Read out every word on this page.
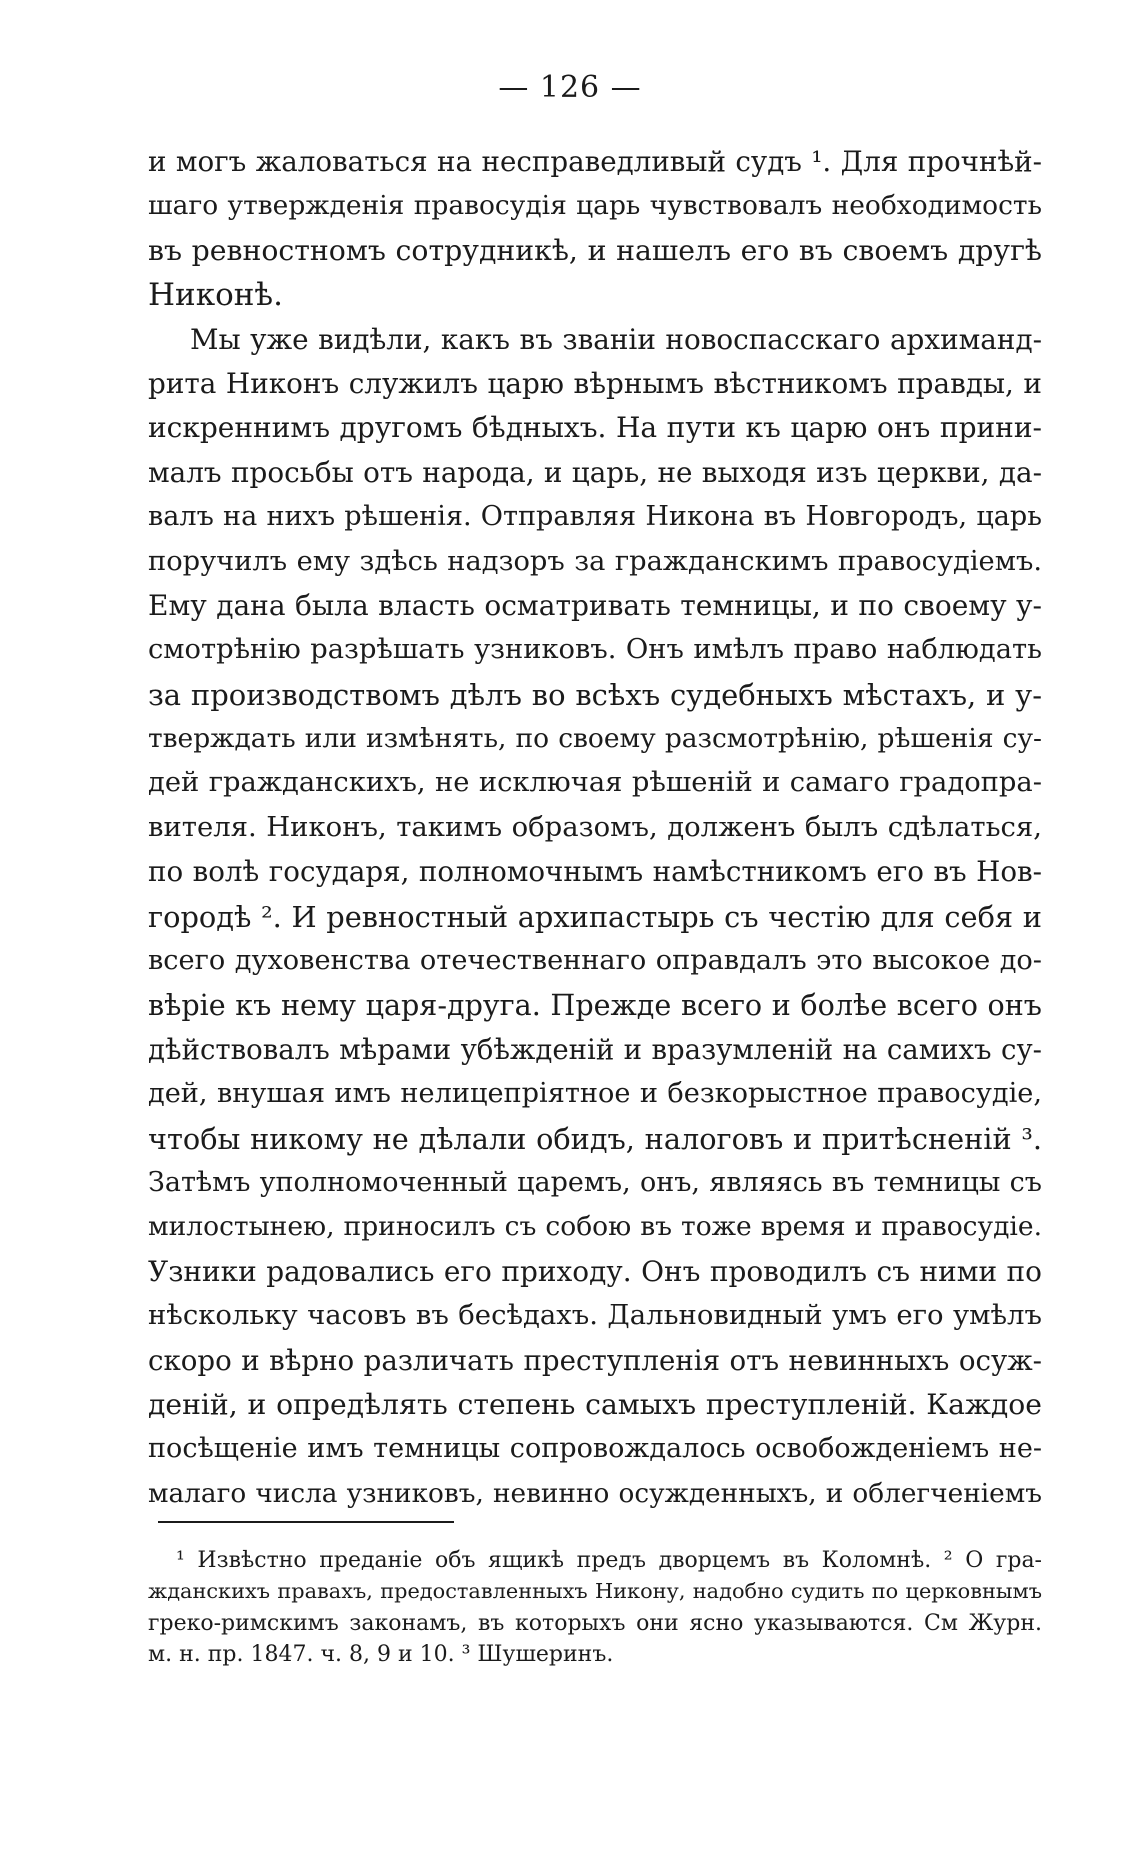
— 126 —
и могъ жаловаться на несправедливый судъ ¹. Для прочнѣй-
шаго утвержденія правосудія царь чувствовалъ необходимость
въ ревностномъ сотрудникѣ, и нашелъ его въ своемъ другѣ
Никонѣ.
Мы уже видѣли, какъ въ званіи новоспасскаго архиманд-
рита Никонъ служилъ царю вѣрнымъ вѣстникомъ правды, и
искреннимъ другомъ бѣдныхъ. На пути къ царю онъ прини-
малъ просьбы отъ народа, и царь, не выходя изъ церкви, да-
валъ на нихъ рѣшенія. Отправляя Никона въ Новгородъ, царь
поручилъ ему здѣсь надзоръ за гражданскимъ правосудіемъ.
Ему дана была власть осматривать темницы, и по своему у-
смотрѣнію разрѣшать узниковъ. Онъ имѣлъ право наблюдать
за производствомъ дѣлъ во всѣхъ судебныхъ мѣстахъ, и у-
тверждать или измѣнять, по своему разсмотрѣнію, рѣшенія су-
дей гражданскихъ, не исключая рѣшеній и самаго градопра-
вителя. Никонъ, такимъ образомъ, долженъ былъ сдѣлаться,
по волѣ государя, полномочнымъ намѣстникомъ его въ Нов-
городѣ ². И ревностный архипастырь съ честію для себя и
всего духовенства отечественнаго оправдалъ это высокое до-
вѣріе къ нему царя-друга. Прежде всего и болѣе всего онъ
дѣйствовалъ мѣрами убѣжденій и вразумленій на самихъ су-
дей, внушая имъ нелицепріятное и безкорыстное правосудіе,
чтобы никому не дѣлали обидъ, налоговъ и притѣсненій ³.
Затѣмъ уполномоченный царемъ, онъ, являясь въ темницы съ
милостынею, приносилъ съ собою въ тоже время и правосудіе.
Узники радовались его приходу. Онъ проводилъ съ ними по
нѣскольку часовъ въ бесѣдахъ. Дальновидный умъ его умѣлъ
скоро и вѣрно различать преступленія отъ невинныхъ осуж-
деній, и опредѣлять степень самыхъ преступленій. Каждое
посѣщеніе имъ темницы сопровождалось освобожденіемъ не-
малаго числа узниковъ, невинно осужденныхъ, и облегченіемъ
¹ Извѣстно преданіе объ ящикѣ предъ дворцемъ въ Коломнѣ. ² О гра-
жданскихъ правахъ, предоставленныхъ Никону, надобно судить по церковнымъ
греко-римскимъ законамъ, въ которыхъ они ясно указываются. См Журн.
м. н. пр. 1847. ч. 8, 9 и 10. ³ Шушеринъ.
